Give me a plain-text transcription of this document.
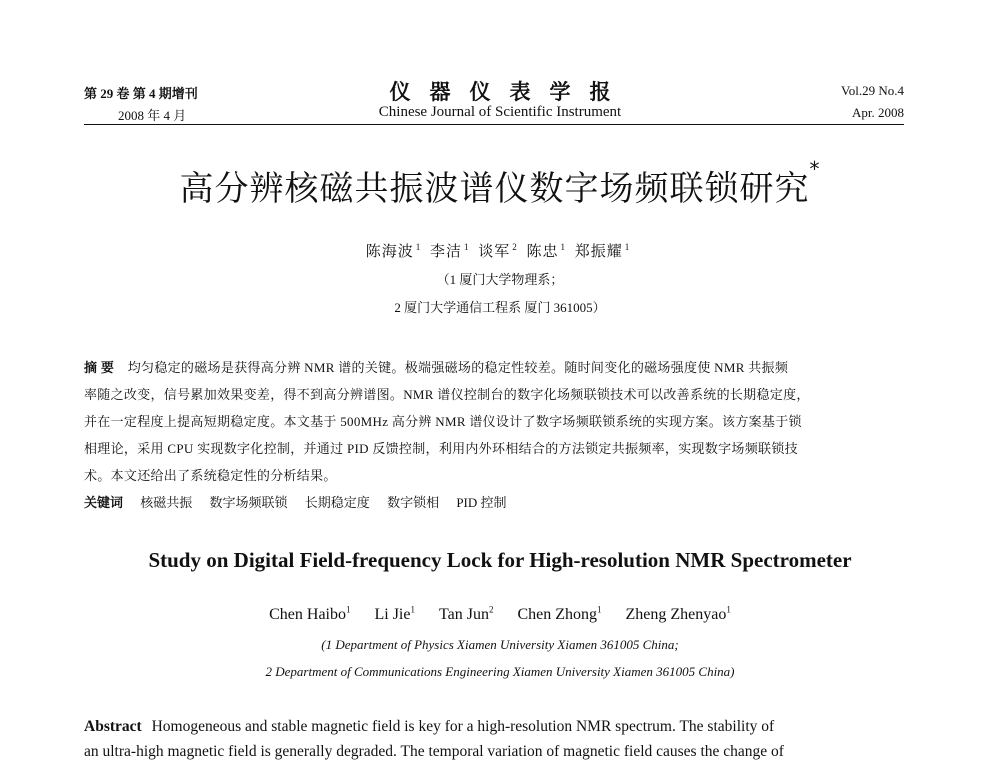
第 29 卷 第 4 期增刊
2008 年 4 月
仪器仪表学报
Chinese Journal of Scientific Instrument
Vol.29 No.4
Apr. 2008
高分辨核磁共振波谱仪数字场频联锁研究*
陈海波 $^1$ 李洁 $^1$ 谈军 $^2$ 陈忠 $^1$ 郑振耀 $^1$
（1 厦门大学物理系；
2 厦门大学通信工程系 厦门 361005）
摘 要 均匀稳定的磁场是获得高分辨 NMR 谱的关键。极端强磁场的稳定性较差。随时间变化的磁场强度使 NMR 共振频
率随之改变，信号累加效果变差，得不到高分辨谱图。NMR 谱仪控制台的数字化场频联锁技术可以改善系统的长期稳定度，
并在一定程度上提高短期稳定度。本文基于 500MHz 高分辨 NMR 谱仪设计了数字场频联锁系统的实现方案。该方案基于锁
相理论，采用 CPU 实现数字化控制，并通过 PID 反馈控制，利用内外环相结合的方法锁定共振频率，实现数字场频联锁技
术。本文还给出了系统稳定性的分析结果。
关键词 核磁共振 数字场频联锁 长期稳定度 数字锁相 PID 控制
Study on Digital Field-frequency Lock for High-resolution NMR Spectrometer
Chen Haibo$^1$ Li Jie$^1$ Tan Jun$^2$ Chen Zhong$^1$ Zheng Zhenyao$^1$
(1 Department of Physics Xiamen University Xiamen 361005 China;
2 Department of Communications Engineering Xiamen University Xiamen 361005 China)
Abstract Homogeneous and stable magnetic field is key for a high-resolution NMR spectrum. The stability of
an ultra-high magnetic field is generally degraded. The temporal variation of magnetic field causes the change of
